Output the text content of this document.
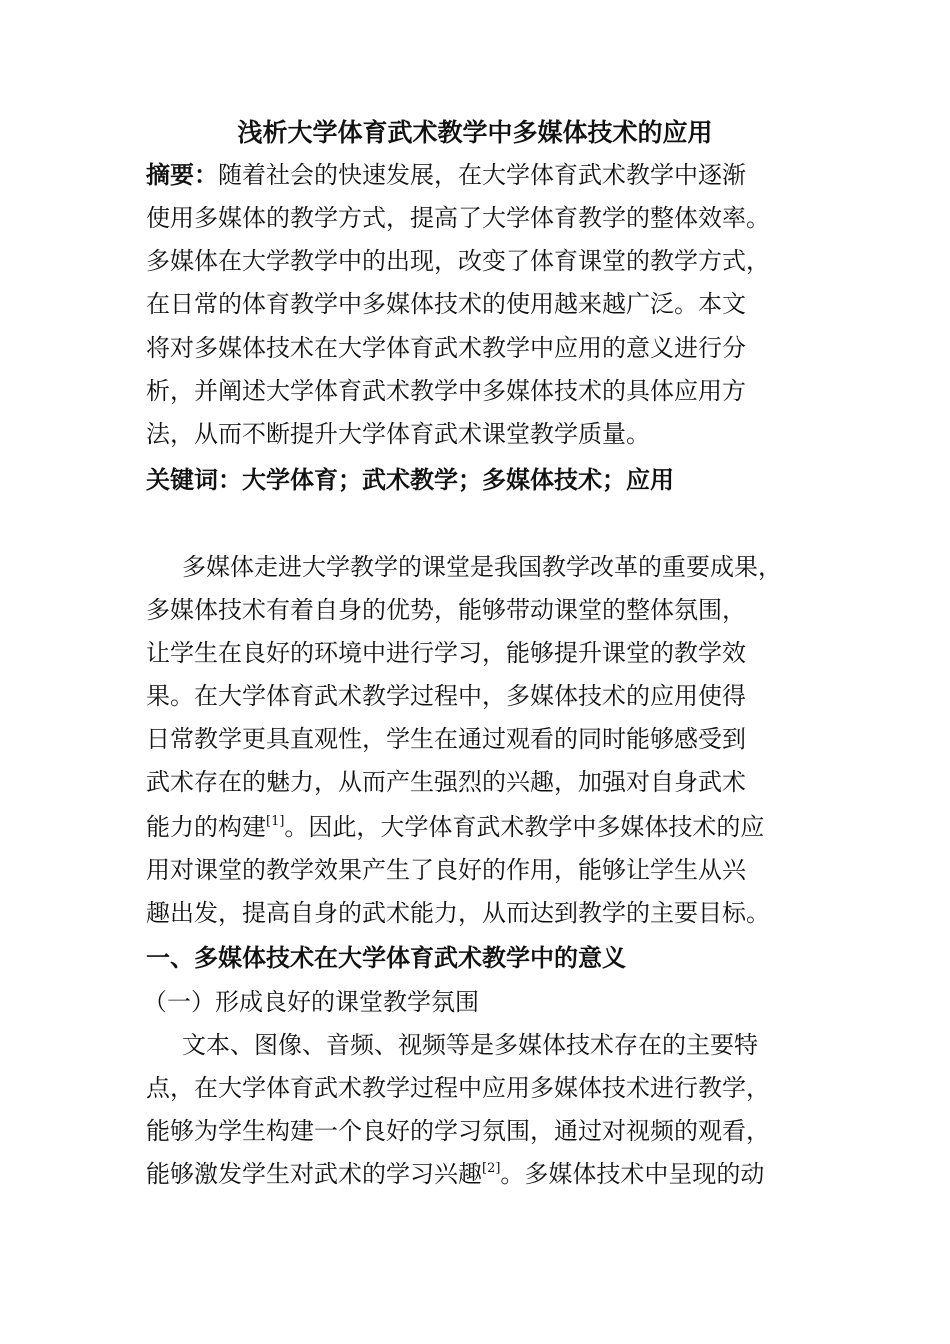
浅析大学体育武术教学中多媒体技术的应用
摘要：随着社会的快速发展，在大学体育武术教学中逐渐
使用多媒体的教学方式，提高了大学体育教学的整体效率。
多媒体在大学教学中的出现，改变了体育课堂的教学方式，
在日常的体育教学中多媒体技术的使用越来越广泛。本文
将对多媒体技术在大学体育武术教学中应用的意义进行分
析，并阐述大学体育武术教学中多媒体技术的具体应用方
法，从而不断提升大学体育武术课堂教学质量。
关键词：大学体育；武术教学；多媒体技术；应用
多媒体走进大学教学的课堂是我国教学改革的重要成果，
多媒体技术有着自身的优势，能够带动课堂的整体氛围，
让学生在良好的环境中进行学习，能够提升课堂的教学效
果。在大学体育武术教学过程中，多媒体技术的应用使得
日常教学更具直观性，学生在通过观看的同时能够感受到
武术存在的魅力，从而产生强烈的兴趣，加强对自身武术
能力的构建[1]。因此，大学体育武术教学中多媒体技术的应
用对课堂的教学效果产生了良好的作用，能够让学生从兴
趣出发，提高自身的武术能力，从而达到教学的主要目标。
一、多媒体技术在大学体育武术教学中的意义
（一）形成良好的课堂教学氛围
文本、图像、音频、视频等是多媒体技术存在的主要特
点，在大学体育武术教学过程中应用多媒体技术进行教学，
能够为学生构建一个良好的学习氛围，通过对视频的观看，
能够激发学生对武术的学习兴趣[2]。多媒体技术中呈现的动
